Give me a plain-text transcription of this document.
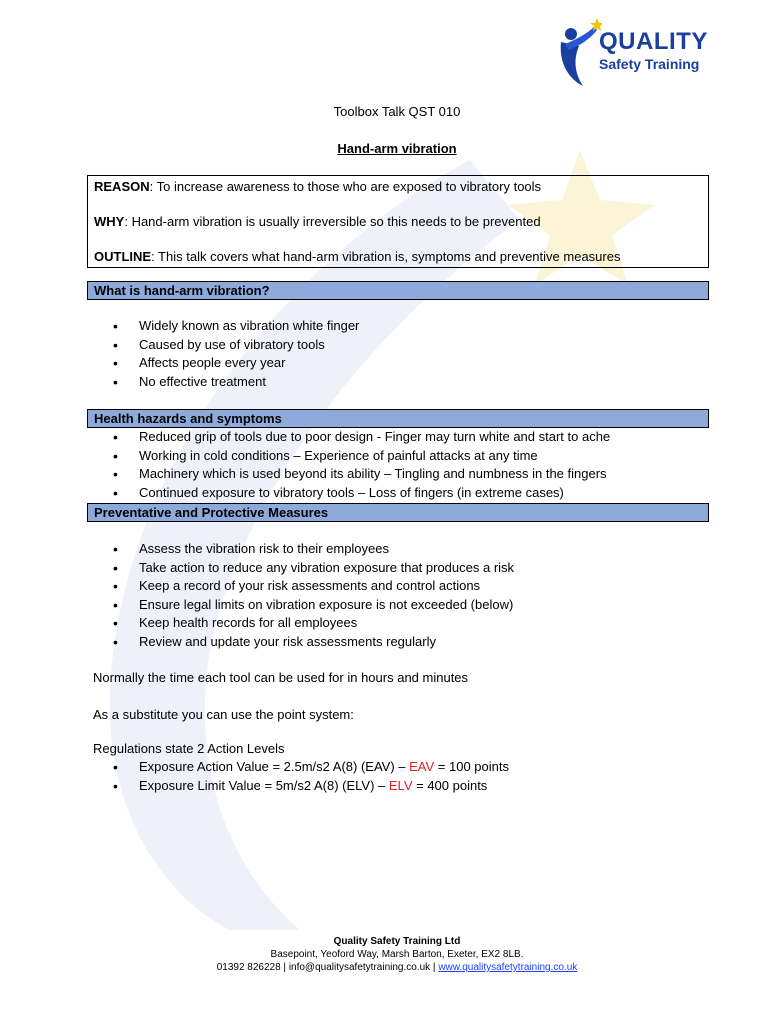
QUALITY
Safety Training
Toolbox Talk QST 010
Hand-arm vibration

REASON: To increase awareness to those who are exposed to vibratory tools

WHY: Hand-arm vibration is usually irreversible so this needs to be prevented

OUTLINE: This talk covers what hand-arm vibration is, symptoms and preventive measures

What is hand-arm vibration?
• Widely known as vibration white finger
• Caused by use of vibratory tools
• Affects people every year
• No effective treatment
Health hazards and symptoms
• Reduced grip of tools due to poor design - Finger may turn white and start to ache
• Working in cold conditions – Experience of painful attacks at any time
• Machinery which is used beyond its ability – Tingling and numbness in the fingers
• Continued exposure to vibratory tools – Loss of fingers (in extreme cases)
Preventative and Protective Measures
• Assess the vibration risk to their employees
• Take action to reduce any vibration exposure that produces a risk
• Keep a record of your risk assessments and control actions
• Ensure legal limits on vibration exposure is not exceeded (below)
• Keep health records for all employees
• Review and update your risk assessments regularly
Normally the time each tool can be used for in hours and minutes
As a substitute you can use the point system:
Regulations state 2 Action Levels
• Exposure Action Value = 2.5m/s2 A(8) (EAV) – EAV = 100 points
• Exposure Limit Value = 5m/s2 A(8) (ELV) – ELV = 400 points
Quality Safety Training Ltd
Basepoint, Yeoford Way, Marsh Barton, Exeter, EX2 8LB.
01392 826228 | info@qualitysafetytraining.co.uk | www.qualitysafetytraining.co.uk
